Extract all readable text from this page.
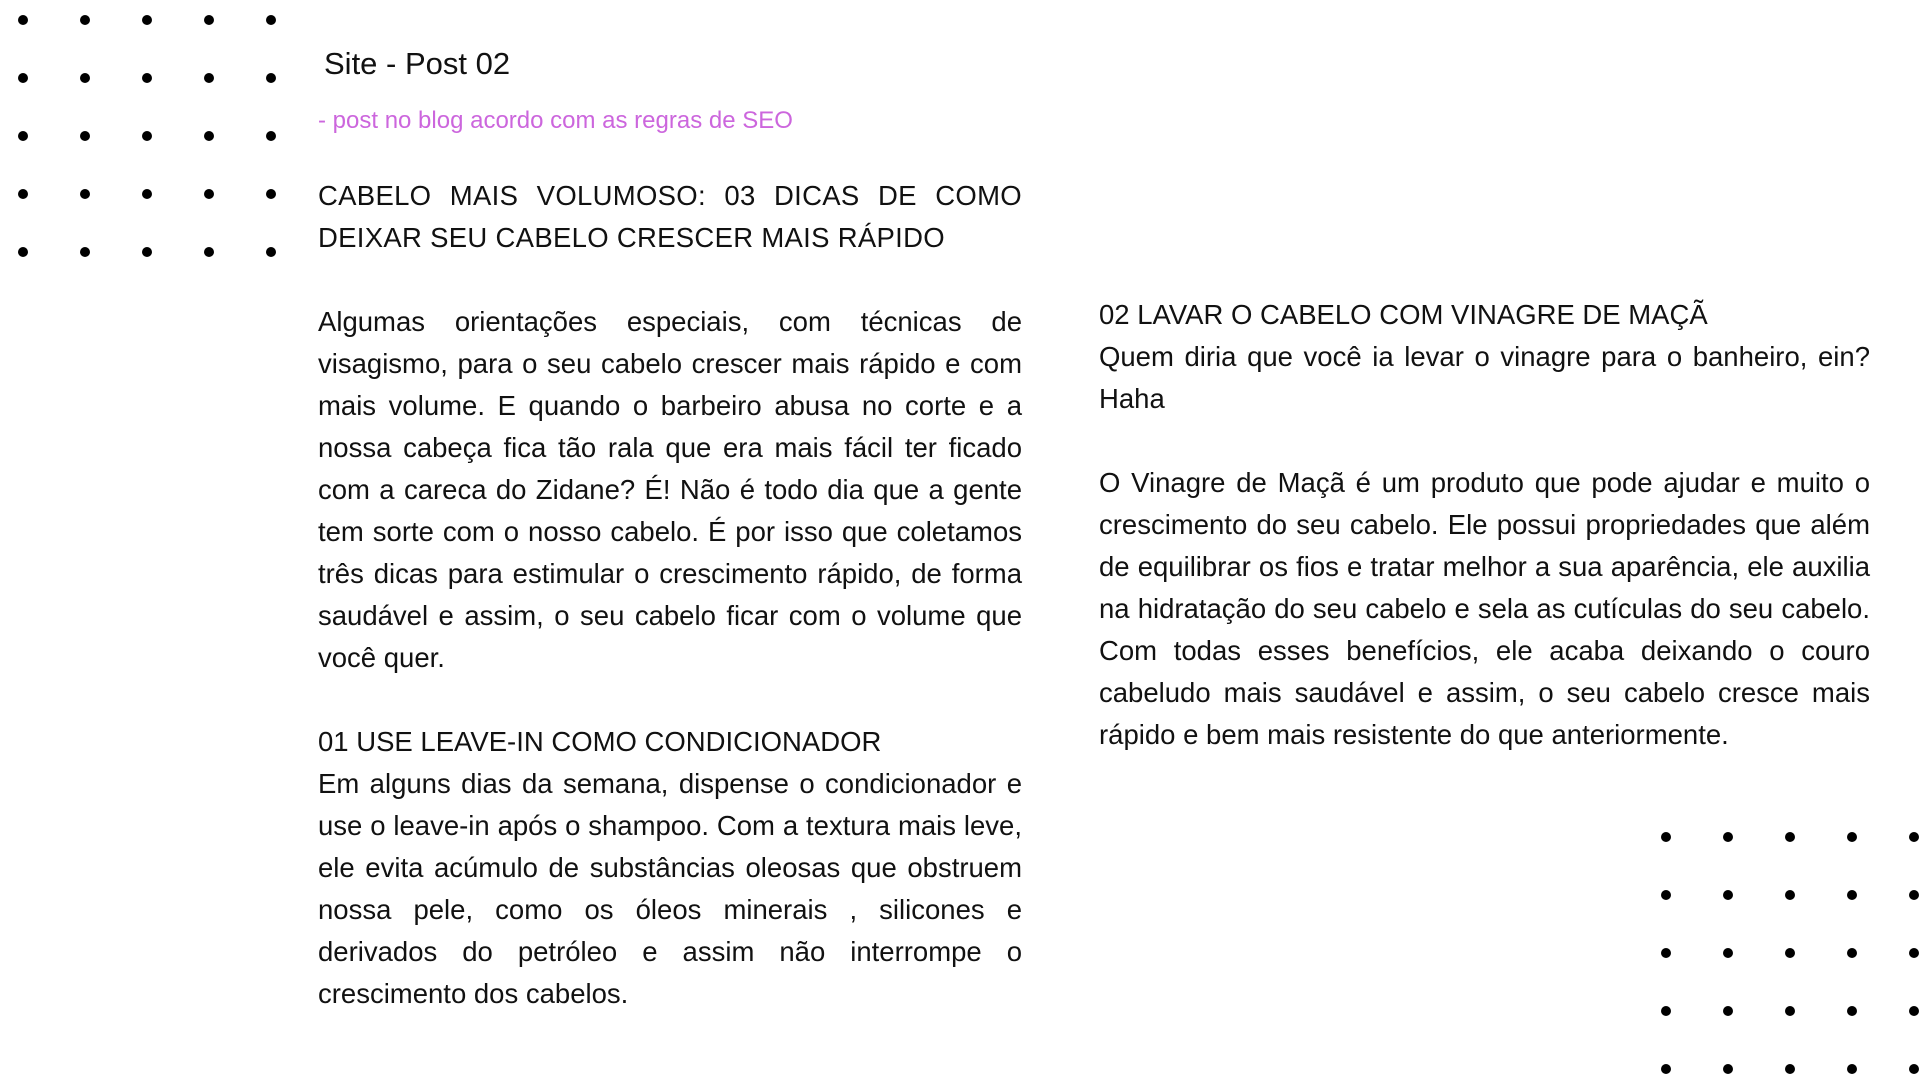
Site - Post 02
- post no blog acordo com as regras de SEO

CABELO MAIS VOLUMOSO: 03 DICAS DE COMO DEIXAR SEU CABELO CRESCER MAIS RÁPIDO

Algumas orientações especiais, com técnicas de visagismo, para o seu cabelo crescer mais rápido e com mais volume. E quando o barbeiro abusa no corte e a nossa cabeça fica tão rala que era mais fácil ter ficado com a careca do Zidane? É! Não é todo dia que a gente tem sorte com o nosso cabelo. É por isso que coletamos três dicas para estimular o crescimento rápido, de forma saudável e assim, o seu cabelo ficar com o volume que você quer.

01 USE LEAVE-IN COMO CONDICIONADOR

Em alguns dias da semana, dispense o condicionador e use o leave-in após o shampoo. Com a textura mais leve, ele evita acúmulo de substâncias oleosas que obstruem nossa pele, como os óleos minerais , silicones e derivados do petróleo e assim não interrompe o crescimento dos cabelos.

02 LAVAR O CABELO COM VINAGRE DE MAÇÃ

Quem diria que você ia levar o vinagre para o banheiro, ein? Haha

O Vinagre de Maçã é um produto que pode ajudar e muito o crescimento do seu cabelo. Ele possui propriedades que além de equilibrar os fios e tratar melhor a sua aparência, ele auxilia na hidratação do seu cabelo e sela as cutículas do seu cabelo. Com todas esses benefícios, ele acaba deixando o couro cabeludo mais saudável e assim, o seu cabelo cresce mais rápido e bem mais resistente do que anteriormente.
